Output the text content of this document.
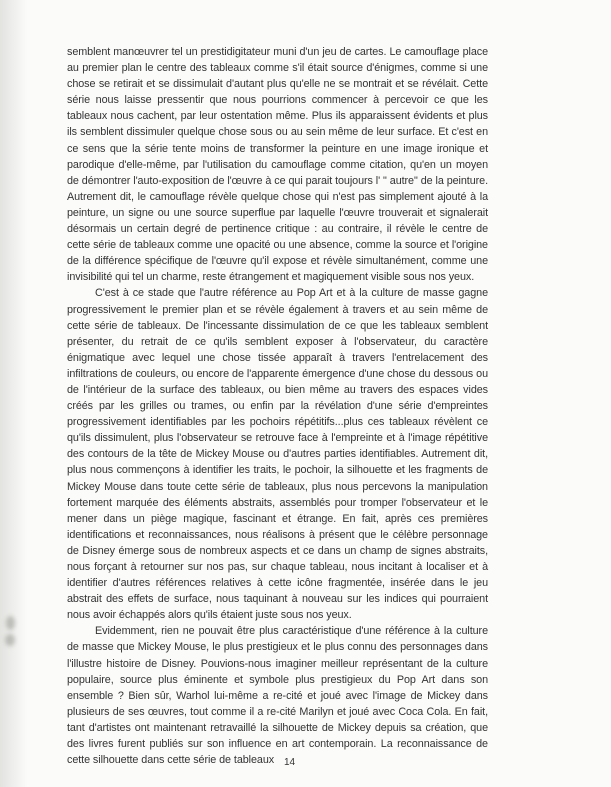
semblent manœuvrer tel un prestidigitateur muni d'un jeu de cartes. Le camouflage place au premier plan le centre des tableaux comme s'il était source d'énigmes, comme si une chose se retirait et se dissimulait d'autant plus qu'elle ne se montrait et se révélait. Cette série nous laisse pressentir que nous pourrions commencer à percevoir ce que les tableaux nous cachent, par leur ostentation même. Plus ils apparaissent évidents et plus ils semblent dissimuler quelque chose sous ou au sein même de leur surface. Et c'est en ce sens que la série tente moins de transformer la peinture en une image ironique et parodique d'elle-même, par l'utilisation du camouflage comme citation, qu'en un moyen de démontrer l'auto-exposition de l'œuvre à ce qui parait toujours l' " autre" de la peinture. Autrement dit, le camouflage révèle quelque chose qui n'est pas simplement ajouté à la peinture, un signe ou une source superflue par laquelle l'œuvre trouverait et signalerait désormais un certain degré de pertinence critique : au contraire, il révèle le centre de cette série de tableaux comme une opacité ou une absence, comme la source et l'origine de la différence spécifique de l'œuvre qu'il expose et révèle simultanément, comme une invisibilité qui tel un charme, reste étrangement et magiquement visible sous nos yeux.

C'est à ce stade que l'autre référence au Pop Art et à la culture de masse gagne progressivement le premier plan et se révèle également à travers et au sein même de cette série de tableaux. De l'incessante dissimulation de ce que les tableaux semblent présenter, du retrait de ce qu'ils semblent exposer à l'observateur, du caractère énigmatique avec lequel une chose tissée apparaît à travers l'entrelacement des infiltrations de couleurs, ou encore de l'apparente émergence d'une chose du dessous ou de l'intérieur de la surface des tableaux, ou bien même au travers des espaces vides créés par les grilles ou trames, ou enfin par la révélation d'une série d'empreintes progressivement identifiables par les pochoirs répétitifs...plus ces tableaux révèlent ce qu'ils dissimulent, plus l'observateur se retrouve face à l'empreinte et à l'image répétitive des contours de la tête de Mickey Mouse ou d'autres parties identifiables. Autrement dit, plus nous commençons à identifier les traits, le pochoir, la silhouette et les fragments de Mickey Mouse dans toute cette série de tableaux, plus nous percevons la manipulation fortement marquée des éléments abstraits, assemblés pour tromper l'observateur et le mener dans un piège magique, fascinant et étrange. En fait, après ces premières identifications et reconnaissances, nous réalisons à présent que le célèbre personnage de Disney émerge sous de nombreux aspects et ce dans un champ de signes abstraits, nous forçant à retourner sur nos pas, sur chaque tableau, nous incitant à localiser et à identifier d'autres références relatives à cette icône fragmentée, insérée dans le jeu abstrait des effets de surface, nous taquinant à nouveau sur les indices qui pourraient nous avoir échappés alors qu'ils étaient juste sous nos yeux.

Evidemment, rien ne pouvait être plus caractéristique d'une référence à la culture de masse que Mickey Mouse, le plus prestigieux et le plus connu des personnages dans l'illustre histoire de Disney. Pouvions-nous imaginer meilleur représentant de la culture populaire, source plus éminente et symbole plus prestigieux du Pop Art dans son ensemble ? Bien sûr, Warhol lui-même a re-cité et joué avec l'image de Mickey dans plusieurs de ses œuvres, tout comme il a re-cité Marilyn et joué avec Coca Cola. En fait, tant d'artistes ont maintenant retravaillé la silhouette de Mickey depuis sa création, que des livres furent publiés sur son influence en art contemporain. La reconnaissance de cette silhouette dans cette série de tableaux 14
